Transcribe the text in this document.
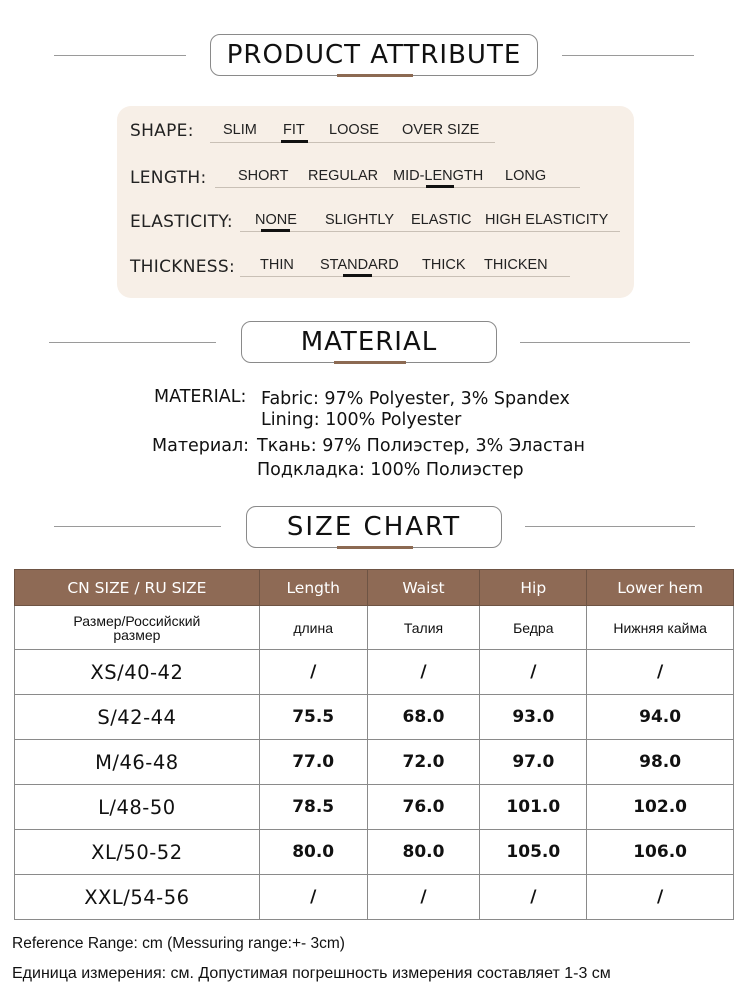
PRODUCT ATTRIBUTE
SHAPE: SLIM FIT LOOSE OVER SIZE
LENGTH: SHORT REGULAR MID-LENGTH LONG
ELASTICITY: NONE SLIGHTLY ELASTIC HIGH ELASTICITY
THICKNESS: THIN STANDARD THICK THICKEN
MATERIAL
MATERIAL: Fabric: 97% Polyester, 3% Spandex
Lining: 100% Polyester
Материал: Ткань: 97% Полиэстер, 3% Эластан
Подкладка: 100% Полиэстер
SIZE CHART
CN SIZE / RU SIZE	Length	Waist	Hip	Lower hem
Размер/Российский размер	длина	Талия	Бедра	Нижняя кайма
XS/40-42	/	/	/	/
S/42-44	75.5	68.0	93.0	94.0
M/46-48	77.0	72.0	97.0	98.0
L/48-50	78.5	76.0	101.0	102.0
XL/50-52	80.0	80.0	105.0	106.0
XXL/54-56	/	/	/	/
Reference Range: cm (Messuring range:+- 3cm)
Единица измерения: см. Допустимая погрешность измерения составляет 1-3 см
